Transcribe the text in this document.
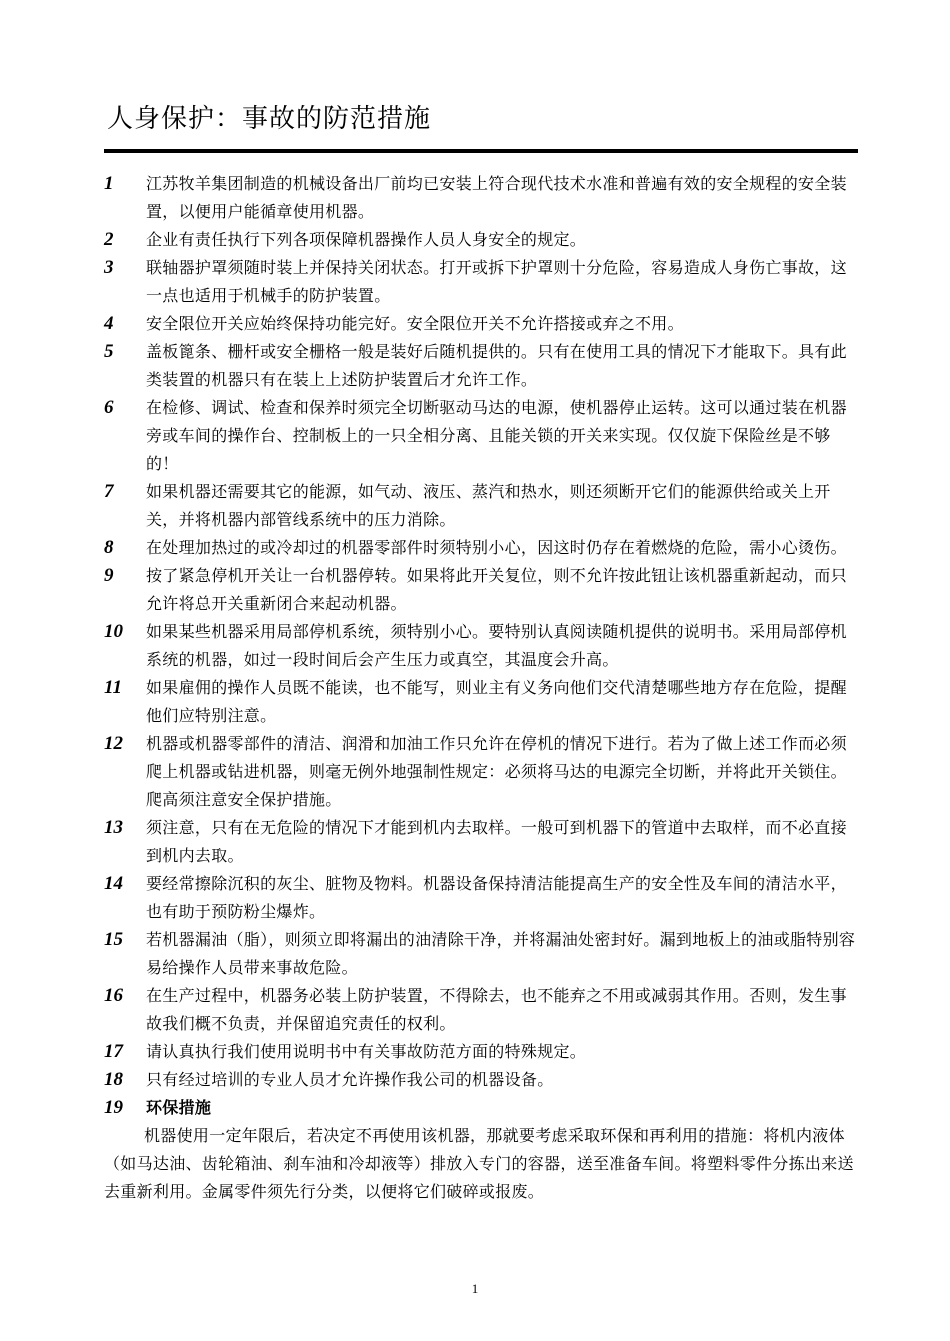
人身保护：事故的防范措施
1	江苏牧羊集团制造的机械设备出厂前均已安装上符合现代技术水准和普遍有效的安全规程的安全装置，以便用户能循章使用机器。
2	企业有责任执行下列各项保障机器操作人员人身安全的规定。
3	联轴器护罩须随时装上并保持关闭状态。打开或拆下护罩则十分危险，容易造成人身伤亡事故，这一点也适用于机械手的防护装置。
4	安全限位开关应始终保持功能完好。安全限位开关不允许搭接或弃之不用。
5	盖板篦条、栅杆或安全栅格一般是装好后随机提供的。只有在使用工具的情况下才能取下。具有此类装置的机器只有在装上上述防护装置后才允许工作。
6	在检修、调试、检查和保养时须完全切断驱动马达的电源，使机器停止运转。这可以通过装在机器旁或车间的操作台、控制板上的一只全相分离、且能关锁的开关来实现。仅仅旋下保险丝是不够的！
7	如果机器还需要其它的能源，如气动、液压、蒸汽和热水，则还须断开它们的能源供给或关上开关，并将机器内部管线系统中的压力消除。
8	在处理加热过的或冷却过的机器零部件时须特别小心，因这时仍存在着燃烧的危险，需小心烫伤。
9	按了紧急停机开关让一台机器停转。如果将此开关复位，则不允许按此钮让该机器重新起动，而只允许将总开关重新闭合来起动机器。
10	如果某些机器采用局部停机系统，须特别小心。要特别认真阅读随机提供的说明书。采用局部停机系统的机器，如过一段时间后会产生压力或真空，其温度会升高。
11	如果雇佣的操作人员既不能读，也不能写，则业主有义务向他们交代清楚哪些地方存在危险，提醒他们应特别注意。
12	机器或机器零部件的清洁、润滑和加油工作只允许在停机的情况下进行。若为了做上述工作而必须爬上机器或钻进机器，则毫无例外地强制性规定：必须将马达的电源完全切断，并将此开关锁住。爬高须注意安全保护措施。
13	须注意，只有在无危险的情况下才能到机内去取样。一般可到机器下的管道中去取样，而不必直接到机内去取。
14	要经常擦除沉积的灰尘、脏物及物料。机器设备保持清洁能提高生产的安全性及车间的清洁水平，也有助于预防粉尘爆炸。
15	若机器漏油（脂），则须立即将漏出的油清除干净，并将漏油处密封好。漏到地板上的油或脂特别容易给操作人员带来事故危险。
16	在生产过程中，机器务必装上防护装置，不得除去，也不能弃之不用或减弱其作用。否则，发生事故我们概不负责，并保留追究责任的权利。
17	请认真执行我们使用说明书中有关事故防范方面的特殊规定。
18	只有经过培训的专业人员才允许操作我公司的机器设备。
19	环保措施
机器使用一定年限后，若决定不再使用该机器，那就要考虑采取环保和再利用的措施：将机内液体（如马达油、齿轮箱油、刹车油和冷却液等）排放入专门的容器，送至准备车间。将塑料零件分拣出来送去重新利用。金属零件须先行分类，以便将它们破碎或报废。
1
